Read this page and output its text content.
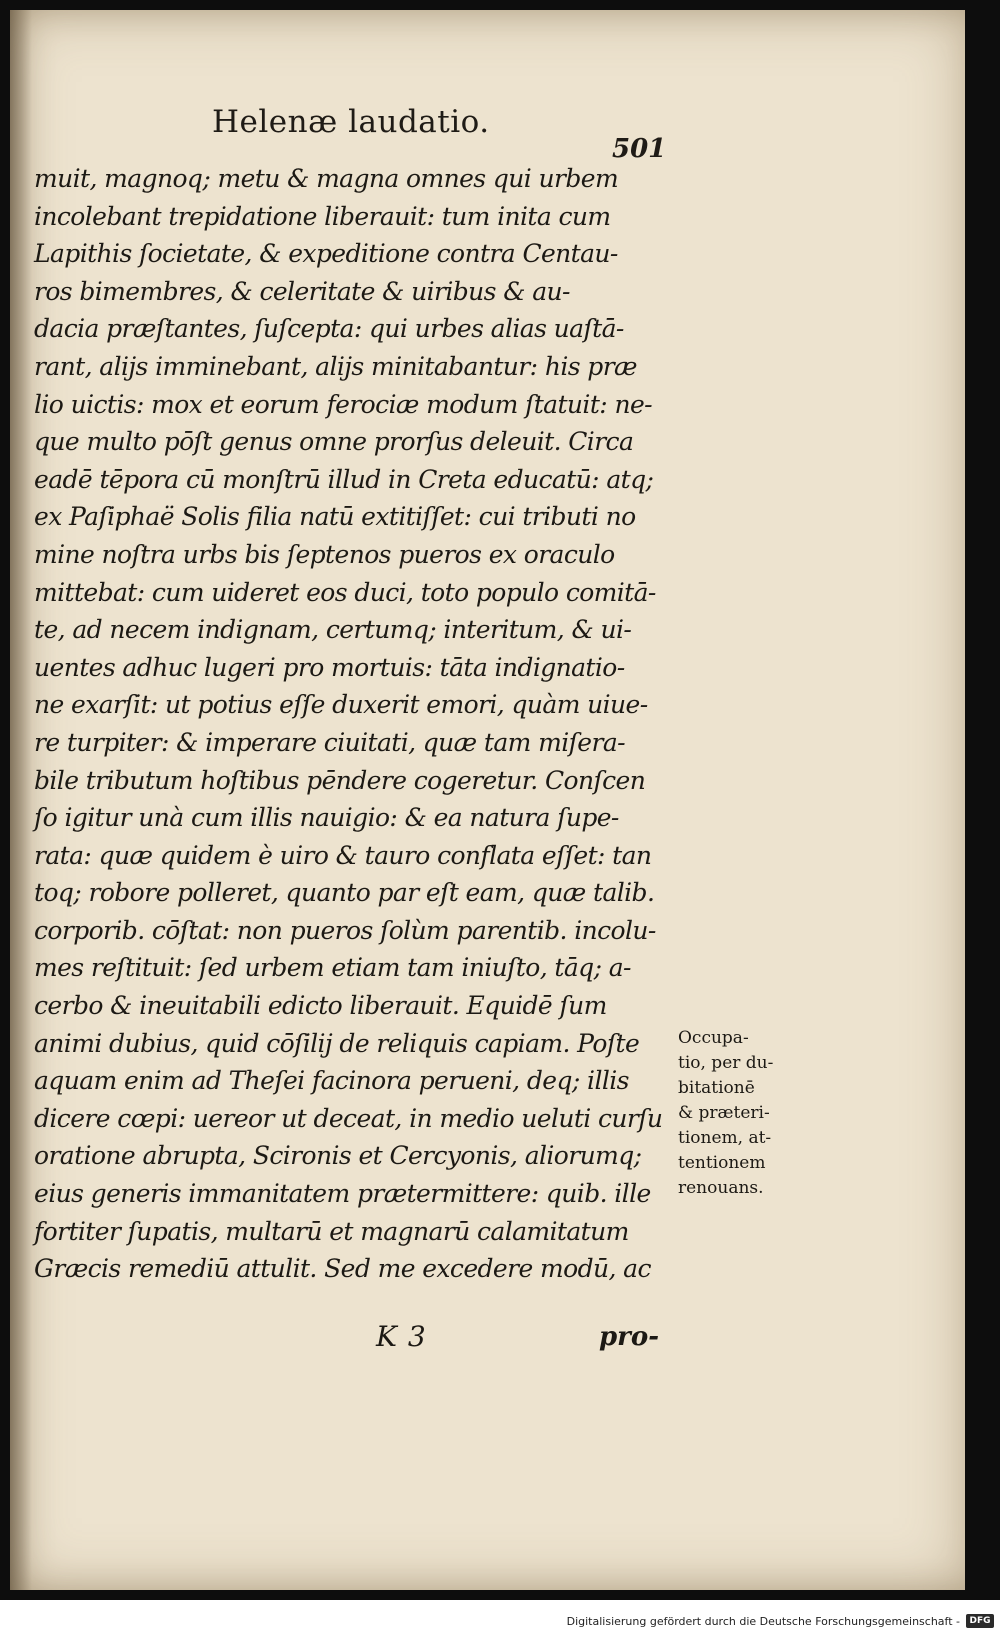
Helenæ laudatio.
501
muit, magnoq; metu & magna omnes qui urbem
incolebant trepidatione liberauit: tum inita cum
Lapithis ſocietate, & expeditione contra Centau-
ros bimembres, & celeritate & uiribus & au-
dacia præſtantes, ſuſcepta: qui urbes alias uaſtā-
rant, alijs imminebant, alijs minitabantur: his præ
lio uictis: mox et eorum ferociæ modum ſtatuit: ne-
que multo pōſt genus omne prorſus deleuit. Circa
eadē tēpora cū monſtrū illud in Creta educatū: atq;
ex Paſiphaë Solis filia natū extitiſſet: cui tributi no
mine noſtra urbs bis ſeptenos pueros ex oraculo
mittebat: cum uideret eos duci, toto populo comitā-
te, ad necem indignam, certumq; interitum, & ui-
uentes adhuc lugeri pro mortuis: tāta indignatio-
ne exarſit: ut potius eſſe duxerit emori, quàm uiue-
re turpiter: & imperare ciuitati, quæ tam miſera-
bile tributum hoſtibus pēndere cogeretur. Conſcen
ſo igitur unà cum illis nauigio: & ea natura ſupe-
rata: quæ quidem è uiro & tauro conflata eſſet: tan
toq; robore polleret, quanto par eſt eam, quæ talib.
corporib. cōſtat: non pueros ſolùm parentib. incolu-
mes reſtituit: ſed urbem etiam tam iniuſto, tāq; a-
cerbo & ineuitabili edicto liberauit. Equidē ſum
animi dubius, quid cōſilij de reliquis capiam. Poſte
aquam enim ad Theſei facinora perueni, deq; illis
dicere cœpi: uereor ut deceat, in medio ueluti curſu
oratione abrupta, Scironis et Cercyonis, aliorumq;
eius generis immanitatem prætermittere: quib. ille
fortiter ſupatis, multarū et magnarū calamitatum
Græcis remediū attulit. Sed me excedere modū, ac
Occupa-
tio, per du-
bitationē
& præteri-
tionem, at-
tentionem
renouans.
K 3	pro-
Digitalisierung gefördert durch die Deutsche Forschungsgemeinschaft -	DFG
